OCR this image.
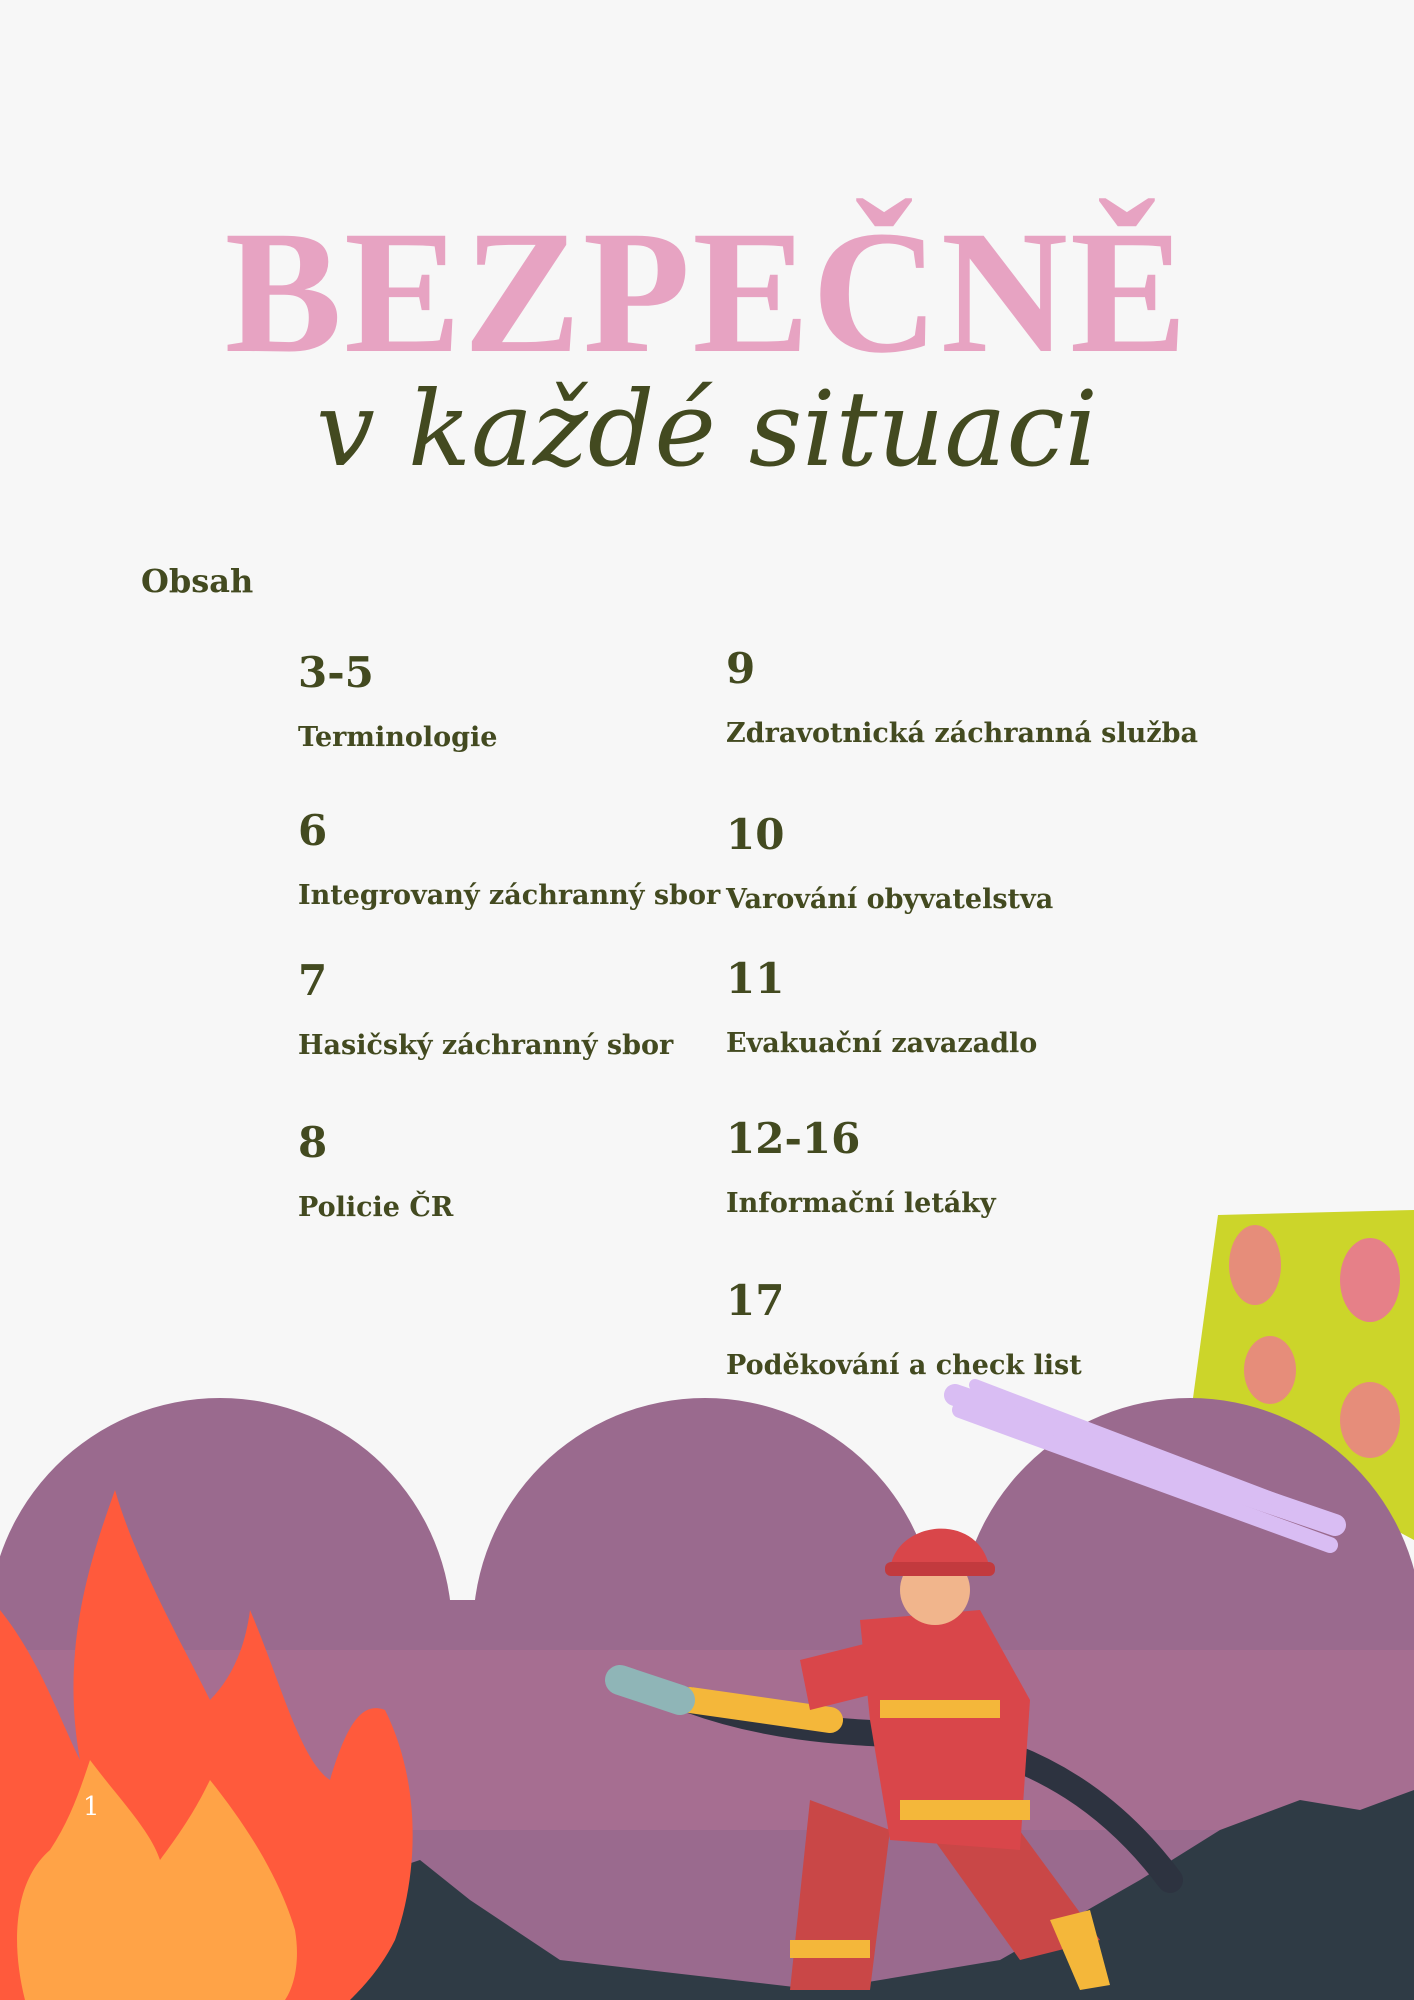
BEZPEČNĚ
v každé situaci
Obsah
3-5
Terminologie
6
Integrovaný záchranný sbor
7
Hasičský záchranný sbor
8
Policie ČR
9
Zdravotnická záchranná služba
10
Varování obyvatelstva
11
Evakuační zavazadlo
12-16
Informační letáky
17
Poděkování a check list
1
